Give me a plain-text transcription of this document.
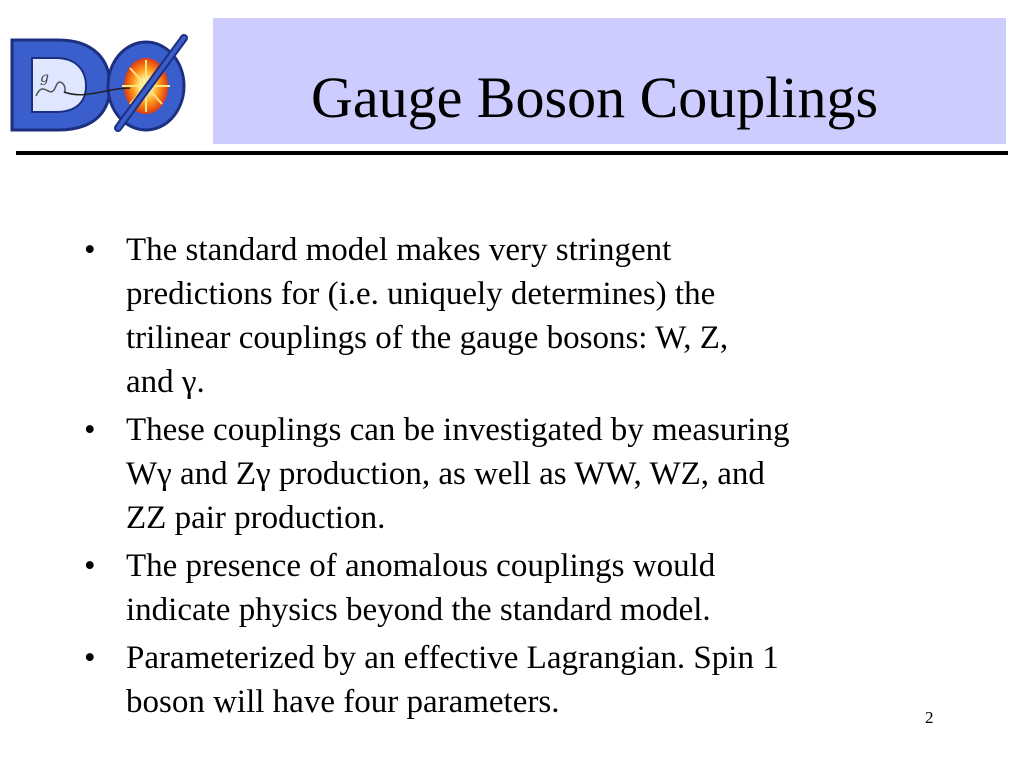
g	Gauge Boson Couplings
• The standard model makes very stringent
predictions for (i.e. uniquely determines) the
trilinear couplings of the gauge bosons: W, Z,
and γ.
• These couplings can be investigated by measuring
Wγ and Zγ production, as well as WW, WZ, and
ZZ pair production.
• The presence of anomalous couplings would
indicate physics beyond the standard model.
• Parameterized by an effective Lagrangian. Spin 1
boson will have four parameters.	2
